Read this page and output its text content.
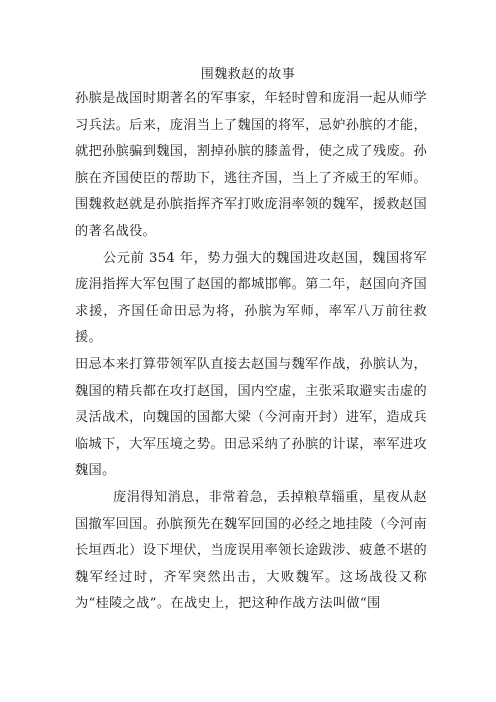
围魏救赵的故事

孙膑是战国时期著名的军事家，年轻时曾和庞涓一起从师学习兵法。后来，庞涓当上了魏国的将军，忌妒孙膑的才能，就把孙膑骗到魏国，割掉孙膑的膝盖骨，使之成了残废。孙膑在齐国使臣的帮助下，逃往齐国，当上了齐威王的军师。围魏救赵就是孙膑指挥齐军打败庞涓率领的魏军，援救赵国的著名战役。

公元前 354 年，势力强大的魏国进攻赵国，魏国将军庞涓指挥大军包围了赵国的都城邯郸。第二年，赵国向齐国求援，齐国任命田忌为将，孙膑为军师，率军八万前往救援。

田忌本来打算带领军队直接去赵国与魏军作战，孙膑认为，魏国的精兵都在攻打赵国，国内空虚，主张采取避实击虚的灵活战术，向魏国的国都大梁（今河南开封）进军，造成兵临城下，大军压境之势。田忌采纳了孙膑的计谋，率军进攻魏国。

庞涓得知消息，非常着急，丢掉粮草辎重，星夜从赵国撤军回国。孙膑预先在魏军回国的必经之地挂陵（今河南长垣西北）设下埋伏，当庞误用率领长途跋涉、疲惫不堪的魏军经过时，齐军突然出击，大败魏军。这场战役又称为“桂陵之战”。在战史上，把这种作战方法叫做“围
